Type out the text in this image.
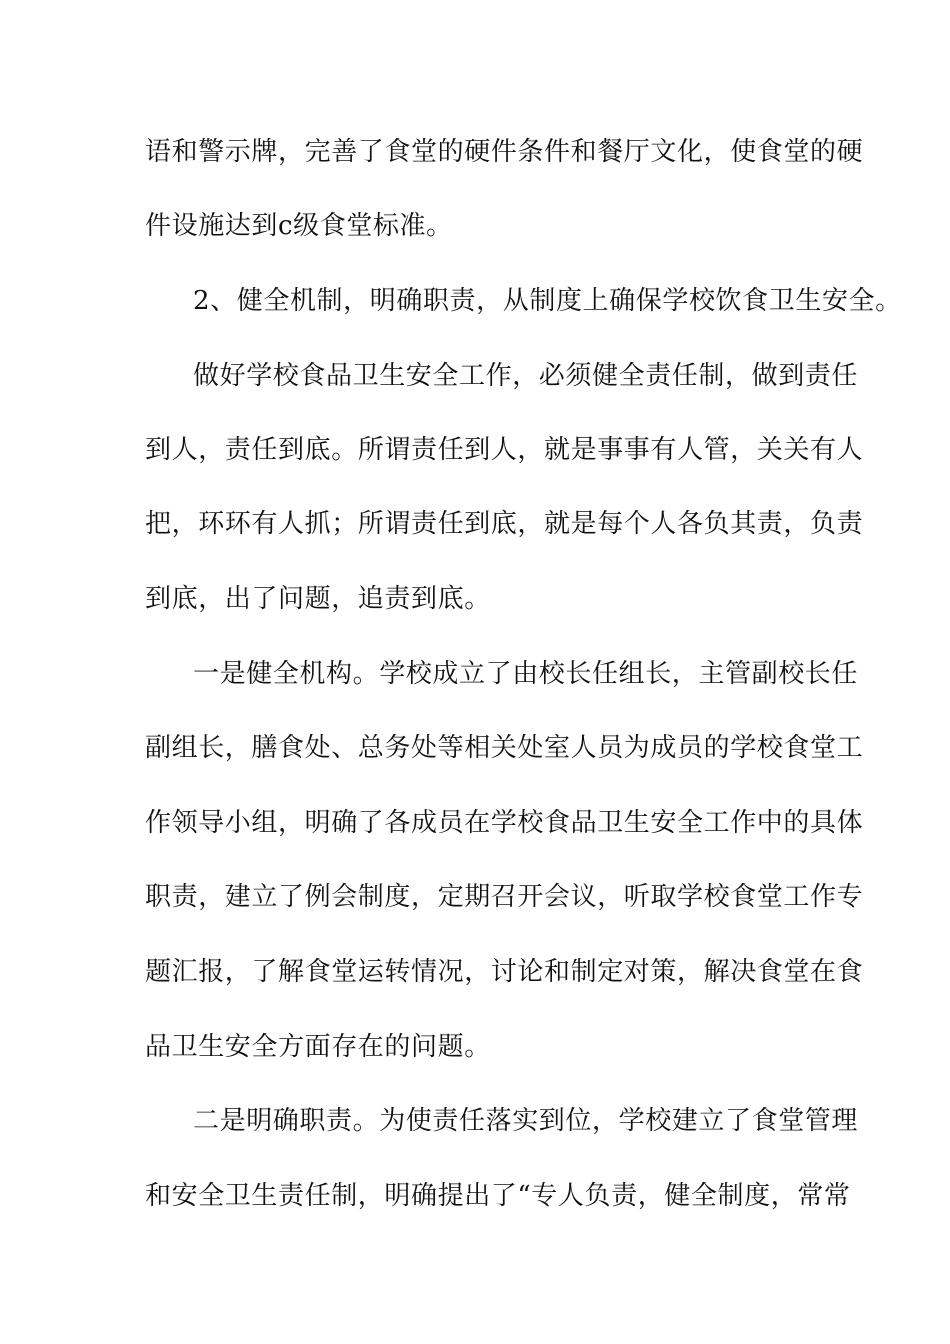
语和警示牌，完善了食堂的硬件条件和餐厅文化，使食堂的硬
件设施达到c级食堂标准。
2、健全机制，明确职责，从制度上确保学校饮食卫生安全。
做好学校食品卫生安全工作，必须健全责任制，做到责任
到人，责任到底。所谓责任到人，就是事事有人管，关关有人
把，环环有人抓；所谓责任到底，就是每个人各负其责，负责
到底，出了问题，追责到底。
一是健全机构。学校成立了由校长任组长，主管副校长任
副组长，膳食处、总务处等相关处室人员为成员的学校食堂工
作领导小组，明确了各成员在学校食品卫生安全工作中的具体
职责，建立了例会制度，定期召开会议，听取学校食堂工作专
题汇报，了解食堂运转情况，讨论和制定对策，解决食堂在食
品卫生安全方面存在的问题。
二是明确职责。为使责任落实到位，学校建立了食堂管理
和安全卫生责任制，明确提出了“专人负责，健全制度，常常
